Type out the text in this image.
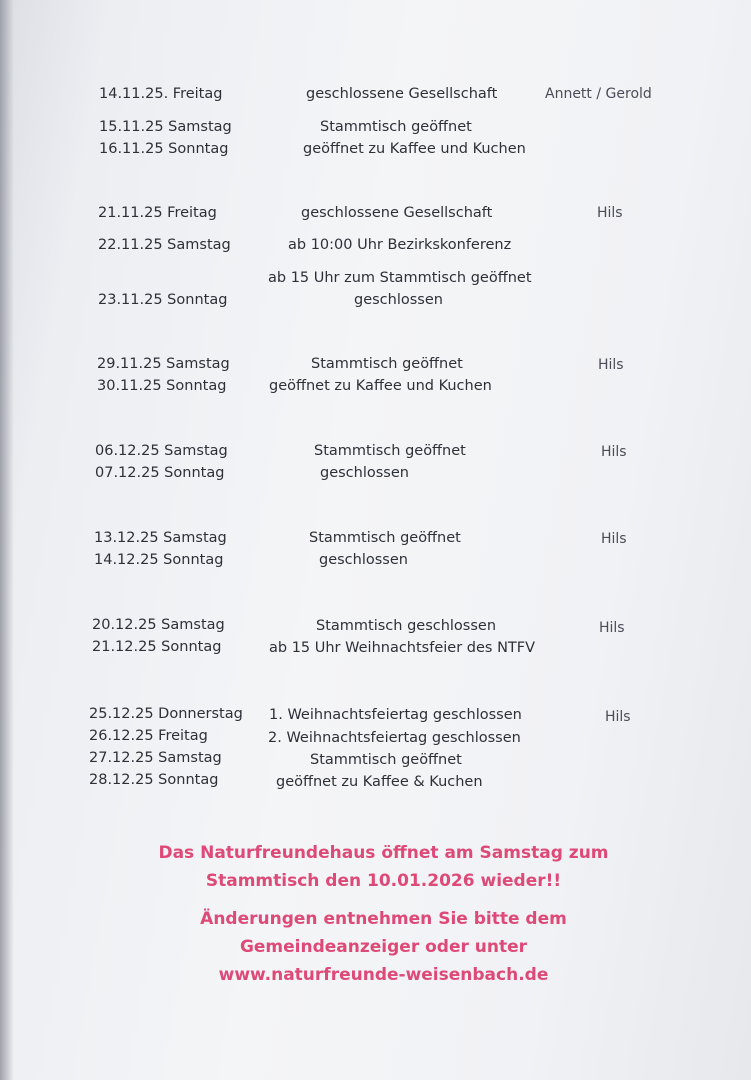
14.11.25. Freitag	geschlossene Gesellschaft	Annett / Gerold
15.11.25 Samstag	Stammtisch geöffnet
16.11.25 Sonntag	geöffnet zu Kaffee und Kuchen
21.11.25 Freitag	geschlossene Gesellschaft	Hils
22.11.25 Samstag	ab 10:00 Uhr Bezirkskonferenz
ab 15 Uhr zum Stammtisch geöffnet
23.11.25 Sonntag	geschlossen
29.11.25 Samstag	Stammtisch geöffnet	Hils
30.11.25 Sonntag	geöffnet zu Kaffee und Kuchen
06.12.25 Samstag	Stammtisch geöffnet	Hils
07.12.25 Sonntag	geschlossen
13.12.25 Samstag	Stammtisch geöffnet	Hils
14.12.25 Sonntag	geschlossen
20.12.25 Samstag	Stammtisch geschlossen	Hils
21.12.25 Sonntag	ab 15 Uhr Weihnachtsfeier des NTFV
25.12.25 Donnerstag 1. Weihnachtsfeiertag geschlossen	Hils
26.12.25 Freitag	2. Weihnachtsfeiertag geschlossen
27.12.25 Samstag	Stammtisch geöffnet
28.12.25 Sonntag	geöffnet zu Kaffee & Kuchen
Das Naturfreundehaus öffnet am Samstag zum
Stammtisch den 10.01.2026 wieder!!
Änderungen entnehmen Sie bitte dem
Gemeindeanzeiger oder unter
www.naturfreunde-weisenbach.de
